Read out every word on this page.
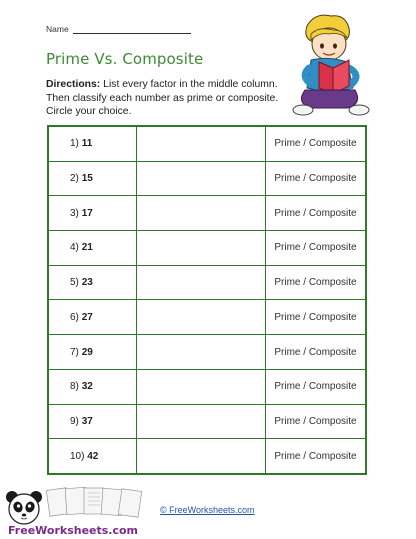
Name
Prime Vs. Composite
Directions: List every factor in the middle column. Then classify each number as prime or composite. Circle your choice.
1) 11		Prime / Composite
2) 15		Prime / Composite
3) 17		Prime / Composite
4) 21		Prime / Composite
5) 23		Prime / Composite
6) 27		Prime / Composite
7) 29		Prime / Composite
8) 32		Prime / Composite
9) 37		Prime / Composite
10) 42		Prime / Composite
© FreeWorksheets.com
FreeWorksheets.com
